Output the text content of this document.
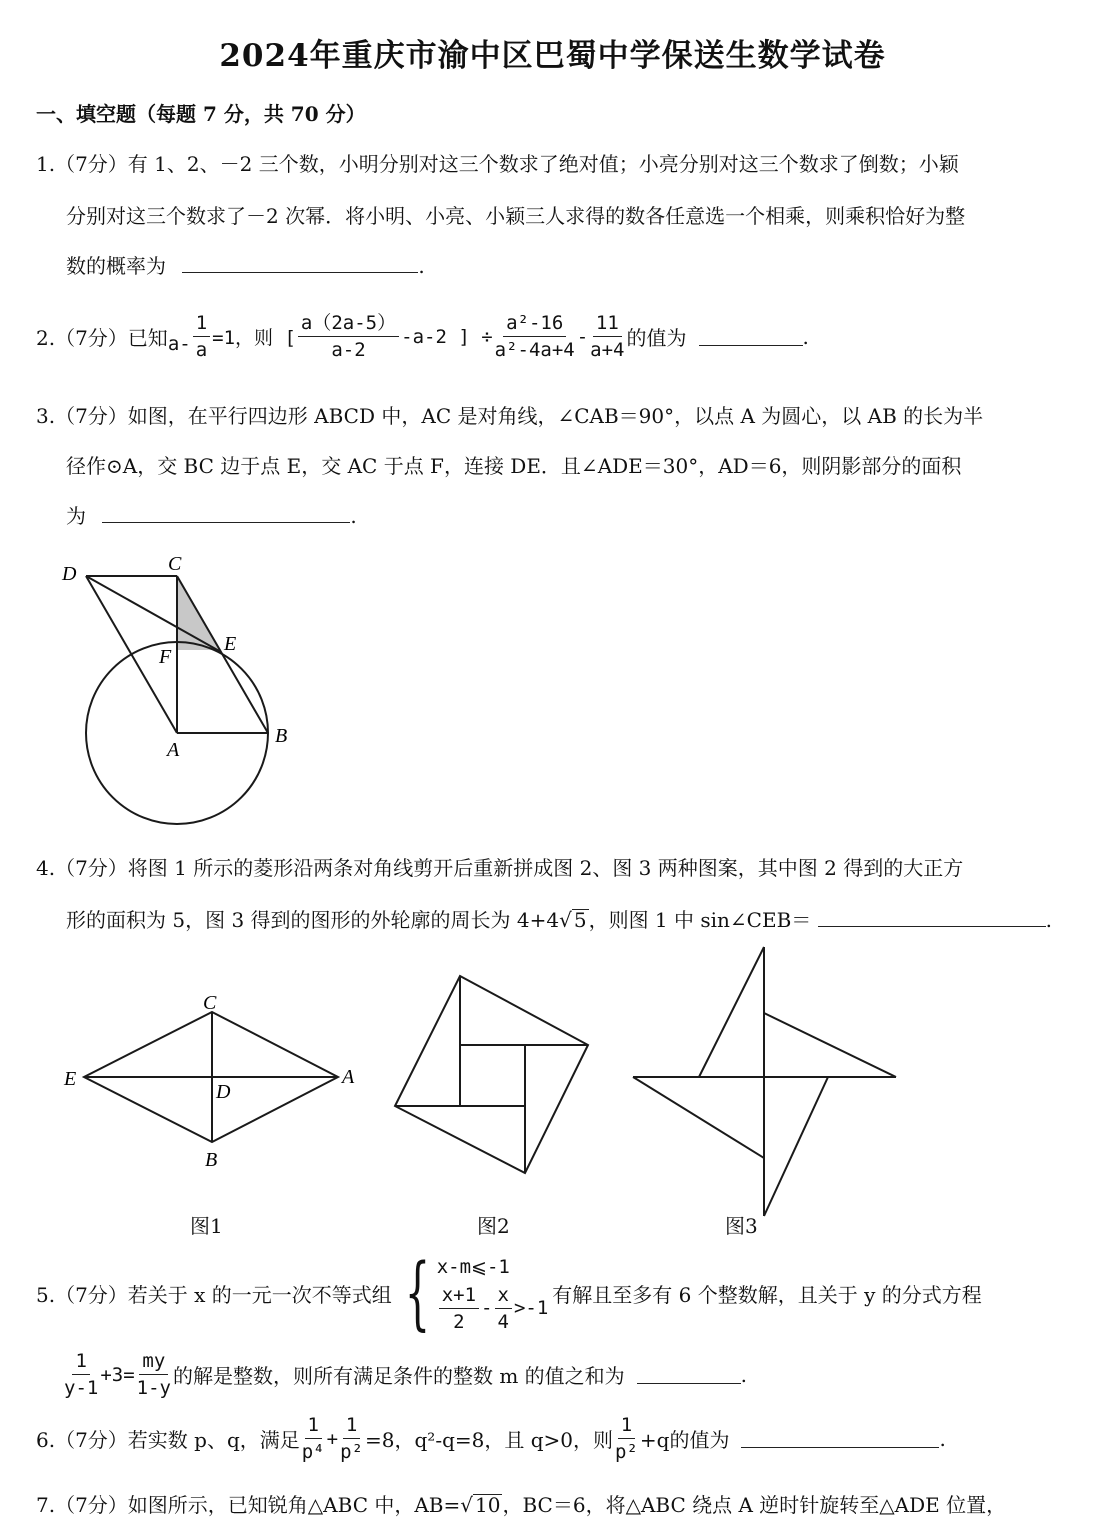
2024年重庆市渝中区巴蜀中学保送生数学试卷
一、填空题（每题 7 分，共 70 分）
1.（7分）有 1、2、－2 三个数，小明分别对这三个数求了绝对值；小亮分别对这三个数求了倒数；小颖
分别对这三个数求了－2 次幂．将小明、小亮、小颖三人求得的数各任意选一个相乘，则乘积恰好为整
数的概率为	.
2.（7分）已知 $a- \frac{1}{a} =1$，则 [ $\frac{a(2a-5)}{a-2} -a-2$ ] ÷ $\frac{\text{a²-16}}{\text{a²-4a+4}} - \frac{11}{a+4}$ 的值为	.
3.（7分）如图，在平行四边形 ABCD 中，AC 是对角线，∠CAB＝90°，以点 A 为圆心，以 AB 的长为半
径作⊙A，交 BC 边于点 E，交 AC 于点 F，连接 DE．且∠ADE＝30°，AD＝6，则阴影部分的面积
为	.
D	C
E
F
A
B
4.（7分）将图 1 所示的菱形沿两条对角线剪开后重新拼成图 2、图 3 两种图案，其中图 2 得到的大正方
形的面积为 5，图 3 得到的图形的外轮廓的周长为 4+4√ 5 ，则图 1 中 sin∠CEB＝	.
C
E
D
A
B
图1	图2	图3
5.（7分）若关于 x 的一元一次不等式组 { x-m⩽-1
$\frac{x+1}{2} - \frac{x}{4} >-1$
有解且至多有 6 个整数解，且关于 y 的分式方程
$\frac{1}{y-1} +3= \frac{my}{1-y}$ 的解是整数，则所有满足条件的整数 m 的值之和为	.
6.（7分）若实数 p、q，满足 $\frac{1}{\text{p⁴}} + \frac{1}{\text{p²}} =8$，q²-q=8，且 q>0，则 $\frac{1}{\text{p²}} +q$的值为	.
7.（7分）如图所示，已知锐角△ABC 中，AB=√ 10 ，BC＝6，将△ABC 绕点 A 逆时针旋转至△ADE 位置，
